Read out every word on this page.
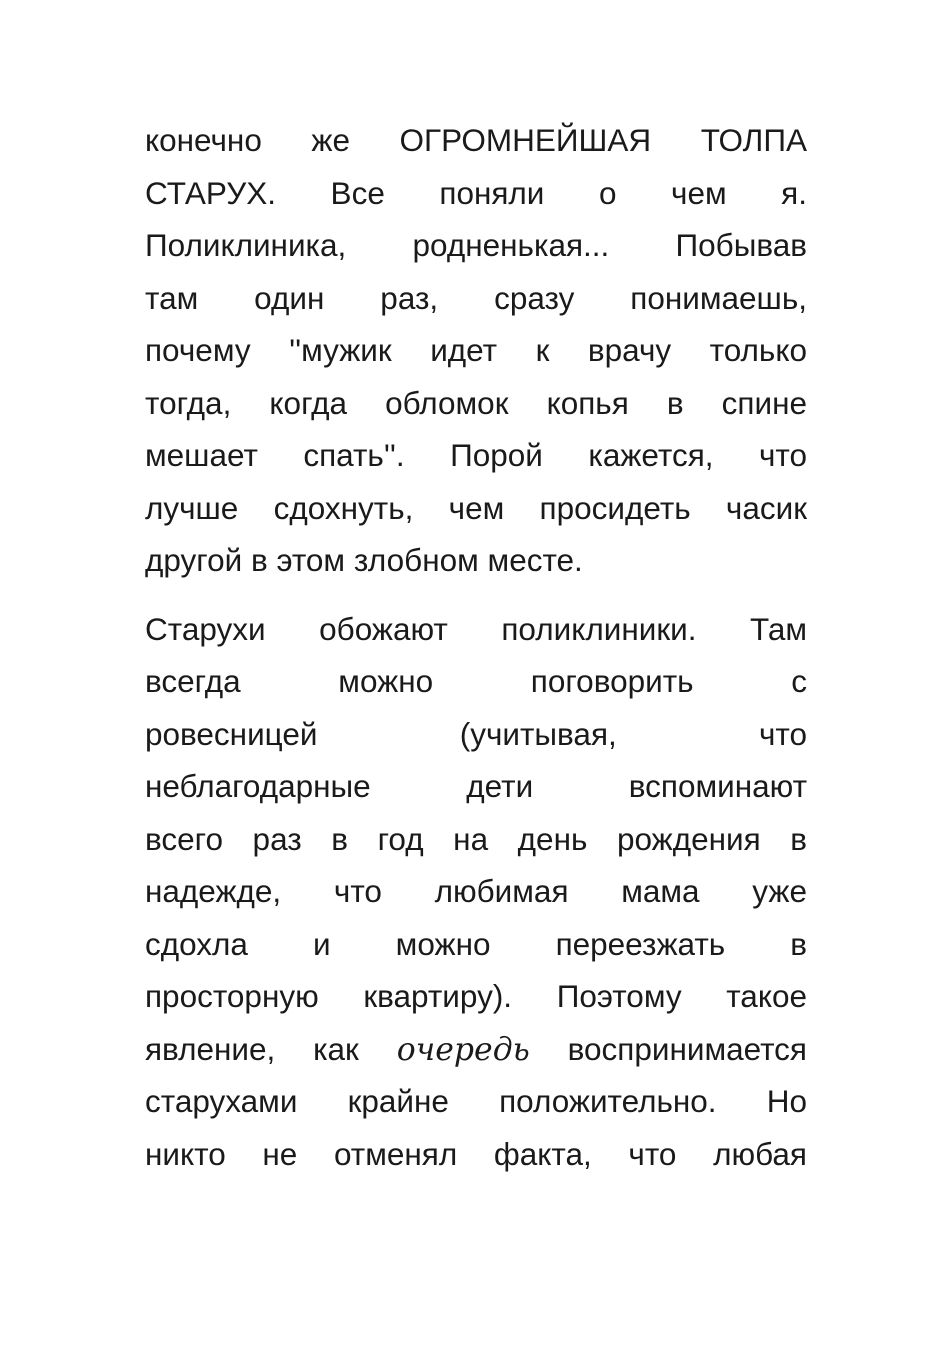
конечно же ОГРОМНЕЙШАЯ ТОЛПА
СТАРУХ. Все поняли о чем я.
Поликлиника, родненькая... Побывав
там один раз, сразу понимаешь,
почему ''мужик идет к врачу только
тогда, когда обломок копья в спине
мешает спать''. Порой кажется, что
лучше сдохнуть, чем просидеть часик
другой в этом злобном месте.
Старухи обожают поликлиники. Там
всегда можно поговорить с
ровесницей (учитывая, что
неблагодарные дети вспоминают
всего раз в год на день рождения в
надежде, что любимая мама уже
сдохла и можно переезжать в
просторную квартиру). Поэтому такое
явление, как очередь воспринимается
старухами крайне положительно. Но
никто не отменял факта, что любая
